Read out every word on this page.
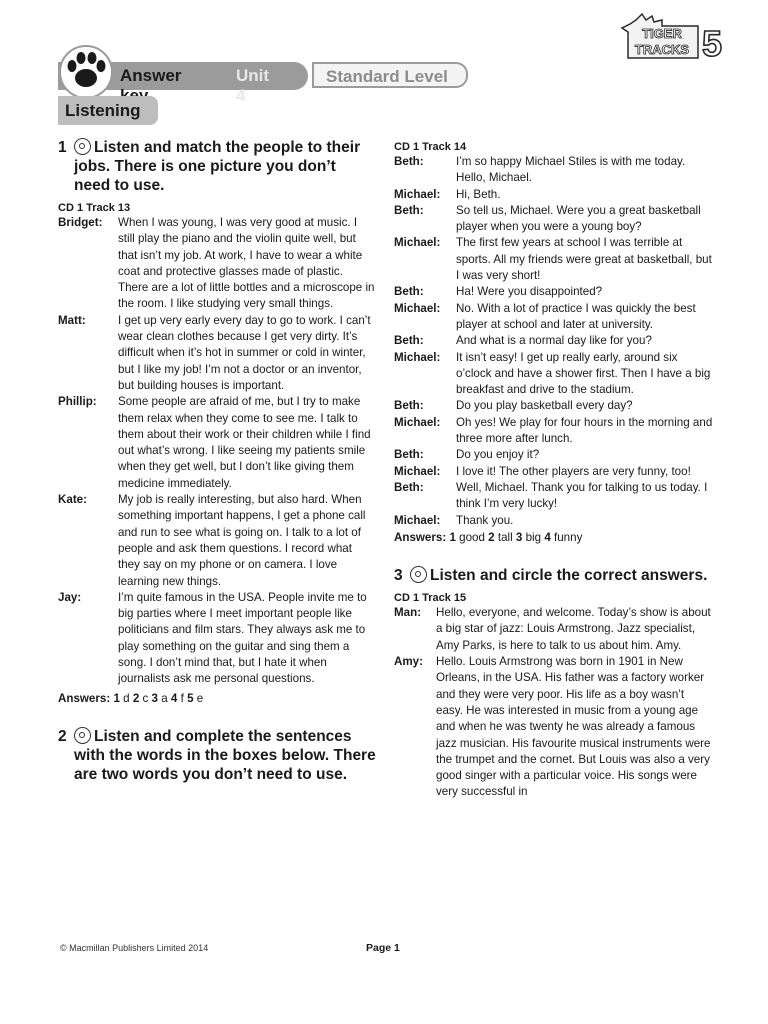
TIGER
TRACKS 5
Answer	Unit 4
Standard Level
Listening

1 Listen and match the people to their jobs. There is one picture you don’t need to use.

CD 1 Track 13
Bridget:	When I was young, I was very good at music. I still play the piano and the violin quite well, but that isn’t my job. At work, I have to wear a white coat and protective glasses made of plastic. There are a lot of little bottles and a microscope in the room. I like studying very small things.
Matt:	I get up very early every day to go to work. I can’t wear clean clothes because I get very dirty. It’s difficult when it’s hot in summer or cold in winter, but I like my job! I’m not a doctor or an inventor, but building houses is important.
Phillip:	Some people are afraid of me, but I try to make them relax when they come to see me. I talk to them about their work or their children while I find out what’s wrong. I like seeing my patients smile when they get well, but I don’t like giving them medicine immediately.
Kate:	My job is really interesting, but also hard. When something important happens, I get a phone call and run to see what is going on. I talk to a lot of people and ask them questions. I record what they say on my phone or on camera. I love learning new things.
Jay:	I’m quite famous in the USA. People invite me to big parties where I meet important people like politicians and film stars. They always ask me to play something on the guitar and sing them a song. I don’t mind that, but I hate it when journalists ask me personal questions.
Answers: 1 d 2 c 3 a 4 f 5 e

2 Listen and complete the sentences with the words in the boxes below. There are two words you don’t need to use.

CD 1 Track 14
Beth:	I’m so happy Michael Stiles is with me today. Hello, Michael.
Michael:	Hi, Beth.
Beth:	So tell us, Michael. Were you a great basketball player when you were a young boy?
Michael:	The first few years at school I was terrible at sports. All my friends were great at basketball, but I was very short!
Beth:	Ha! Were you disappointed?
Michael:	No. With a lot of practice I was quickly the best player at school and later at university.
Beth:	And what is a normal day like for you?
Michael:	It isn’t easy! I get up really early, around six o’clock and have a shower first. Then I have a big breakfast and drive to the stadium.
Beth:	Do you play basketball every day?
Michael:	Oh yes! We play for four hours in the morning and three more after lunch.
Beth:	Do you enjoy it?
Michael:	I love it! The other players are very funny, too!
Beth:	Well, Michael. Thank you for talking to us today. I think I’m very lucky!
Michael:	Thank you.
Answers: 1 good 2 tall 3 big 4 funny

3 Listen and circle the correct answers.

CD 1 Track 15
Man:	Hello, everyone, and welcome. Today’s show is about a big star of jazz: Louis Armstrong. Jazz specialist, Amy Parks, is here to talk to us about him. Amy.
Amy:	Hello. Louis Armstrong was born in 1901 in New Orleans, in the USA. His father was a factory worker and they were very poor. His life as a boy wasn’t easy. He was interested in music from a young age and when he was twenty he was already a famous jazz musician. His favourite musical instruments were the trumpet and the cornet. But Louis was also a very good singer with a particular voice. His songs were very successful in
© Macmillan Publishers Limited 2014	Page 1
